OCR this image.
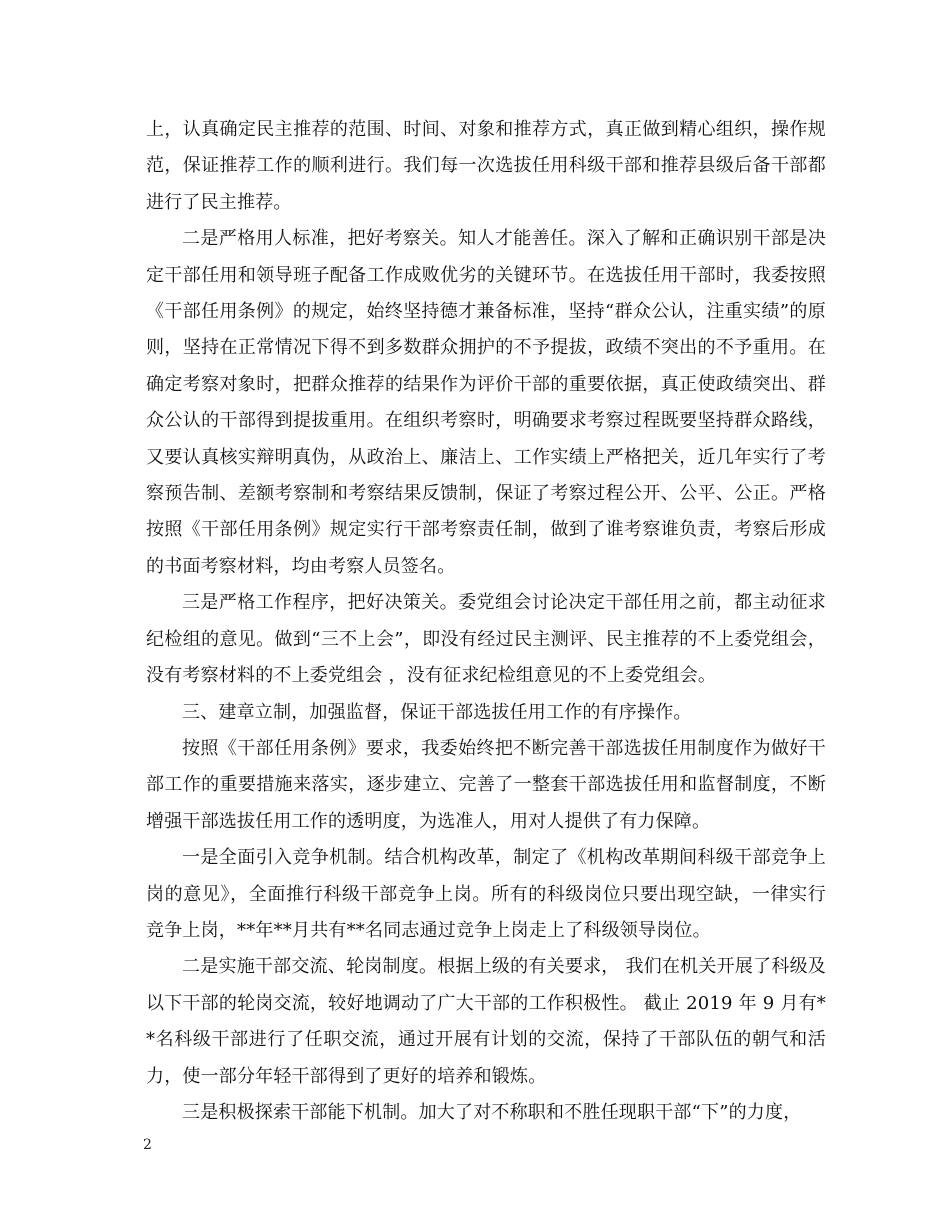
上，认真确定民主推荐的范围、时间、对象和推荐方式，真正做到精心组织，操作规范，保证推荐工作的顺利进行。我们每一次选拔任用科级干部和推荐县级后备干部都进行了民主推荐。

二是严格用人标准，把好考察关。知人才能善任。深入了解和正确识别干部是决定干部任用和领导班子配备工作成败优劣的关键环节。在选拔任用干部时，我委按照《干部任用条例》的规定，始终坚持德才兼备标准，坚持“群众公认，注重实绩”的原则，坚持在正常情况下得不到多数群众拥护的不予提拔，政绩不突出的不予重用。在确定考察对象时，把群众推荐的结果作为评价干部的重要依据，真正使政绩突出、群众公认的干部得到提拔重用。在组织考察时，明确要求考察过程既要坚持群众路线，又要认真核实辩明真伪，从政治上、廉洁上、工作实绩上严格把关，近几年实行了考察预告制、差额考察制和考察结果反馈制，保证了考察过程公开、公平、公正。严格按照《干部任用条例》规定实行干部考察责任制，做到了谁考察谁负责，考察后形成的书面考察材料，均由考察人员签名。

三是严格工作程序，把好决策关。委党组会讨论决定干部任用之前，都主动征求纪检组的意见。做到“三不上会”，即没有经过民主测评、民主推荐的不上委党组会，没有考察材料的不上委党组会 ，没有征求纪检组意见的不上委党组会。

三、建章立制，加强监督，保证干部选拔任用工作的有序操作。

按照《干部任用条例》要求，我委始终把不断完善干部选拔任用制度作为做好干部工作的重要措施来落实，逐步建立、完善了一整套干部选拔任用和监督制度，不断增强干部选拔任用工作的透明度，为选准人，用对人提供了有力保障。

一是全面引入竞争机制。结合机构改革，制定了《机构改革期间科级干部竞争上岗的意见》，全面推行科级干部竞争上岗。所有的科级岗位只要出现空缺，一律实行竞争上岗，**年**月共有**名同志通过竞争上岗走上了科级领导岗位。

二是实施干部交流、轮岗制度。根据上级的有关要求， 我们在机关开展了科级及以下干部的轮岗交流，较好地调动了广大干部的工作积极性。 截止 2019 年 9 月有**名科级干部进行了任职交流，通过开展有计划的交流，保持了干部队伍的朝气和活力，使一部分年轻干部得到了更好的培养和锻炼。

三是积极探索干部能下机制。加大了对不称职和不胜任现职干部“下”的力度，

2
